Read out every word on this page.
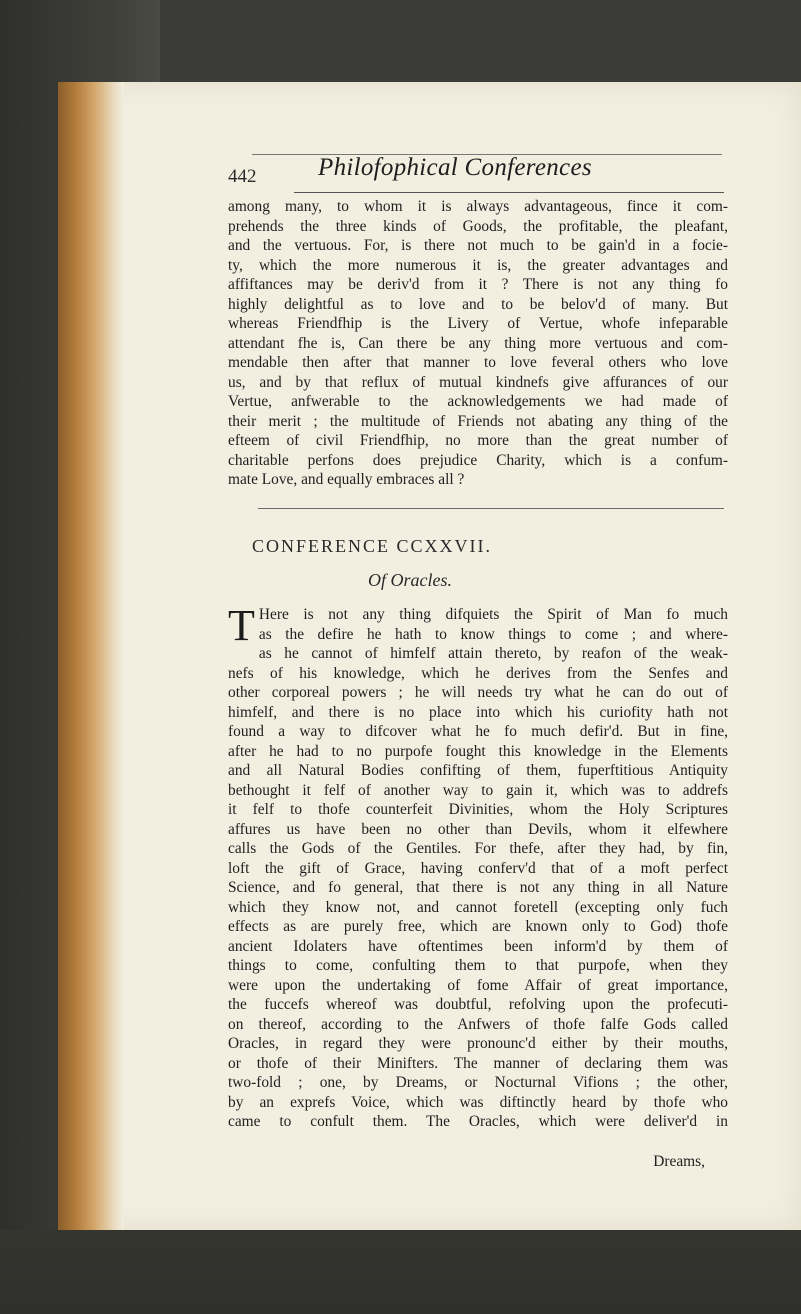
442 Philofophical Conferences
among many, to whom it is always advantageous, fince it com-
prehends the three kinds of Goods, the profitable, the pleafant,
and the vertuous. For, is there not much to be gain'd in a focie-
ty, which the more numerous it is, the greater advantages and
affiftances may be deriv'd from it ? There is not any thing fo
highly delightful as to love and to be belov'd of many. But
whereas Friendfhip is the Livery of Vertue, whofe infeparable
attendant fhe is, Can there be any thing more vertuous and com-
mendable then after that manner to love feveral others who love
us, and by that reflux of mutual kindnefs give affurances of our
Vertue, anfwerable to the acknowledgements we had made of
their merit ; the multitude of Friends not abating any thing of the
efteem of civil Friendfhip, no more than the great number of
charitable perfons does prejudice Charity, which is a confum-
mate Love, and equally embraces all ?
CONFERENCE CCXXVII.
Of Oracles.
T Here is not any thing difquiets the Spirit of Man fo much
as the defire he hath to know things to come ; and where-
as he cannot of himfelf attain thereto, by reafon of the weak-
nefs of his knowledge, which he derives from the Senfes and
other corporeal powers ; he will needs try what he can do out of
himfelf, and there is no place into which his curiofity hath not
found a way to difcover what he fo much defir'd. But in fine,
after he had to no purpofe fought this knowledge in the Elements
and all Natural Bodies confifting of them, fuperftitious Antiquity
bethought it felf of another way to gain it, which was to addrefs
it felf to thofe counterfeit Divinities, whom the Holy Scriptures
affures us have been no other than Devils, whom it elfewhere
calls the Gods of the Gentiles. For thefe, after they had, by fin,
loft the gift of Grace, having conferv'd that of a moft perfect
Science, and fo general, that there is not any thing in all Nature
which they know not, and cannot foretell (excepting only fuch
effects as are purely free, which are known only to God) thofe
ancient Idolaters have oftentimes been inform'd by them of
things to come, confulting them to that purpofe, when they
were upon the undertaking of fome Affair of great importance,
the fuccefs whereof was doubtful, refolving upon the profecuti-
on thereof, according to the Anfwers of thofe falfe Gods called
Oracles, in regard they were pronounc'd either by their mouths,
or thofe of their Minifters. The manner of declaring them was
two-fold ; one, by Dreams, or Nocturnal Vifions ; the other,
by an exprefs Voice, which was diftinctly heard by thofe who
came to confult them. The Oracles, which were deliver'd in
Dreams,
